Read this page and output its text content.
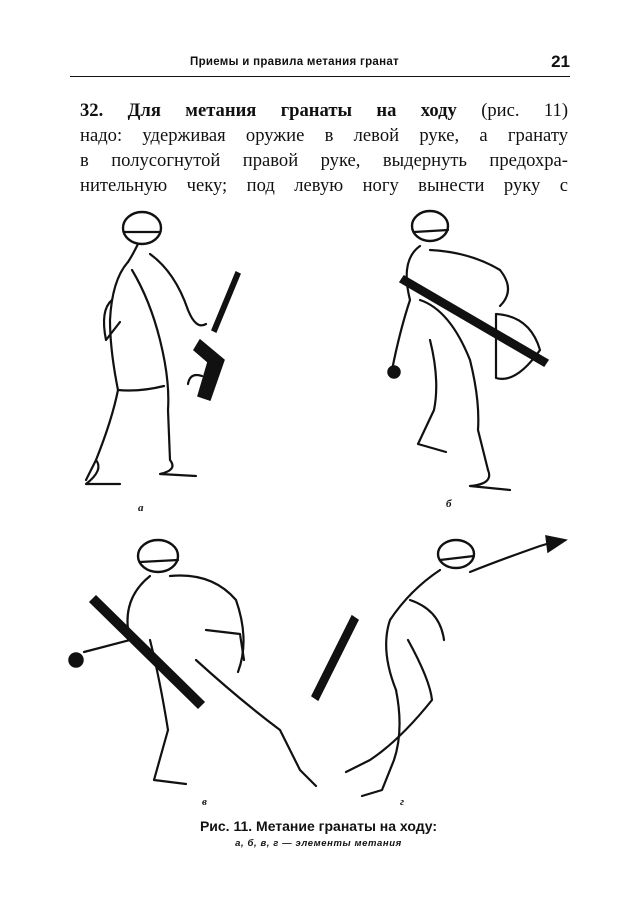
Приемы и правила метания гранат	21
32. Для метания гранаты на ходу (рис. 11)
надо: удерживая оружие в левой руке, а гранату
в полусогнутой правой руке, выдернуть предохра-
нительную чеку; под левую ногу вынести руку с
а	б
в	г
Рис. 11. Метание гранаты на ходу:
а, б, в, г — элементы метания
